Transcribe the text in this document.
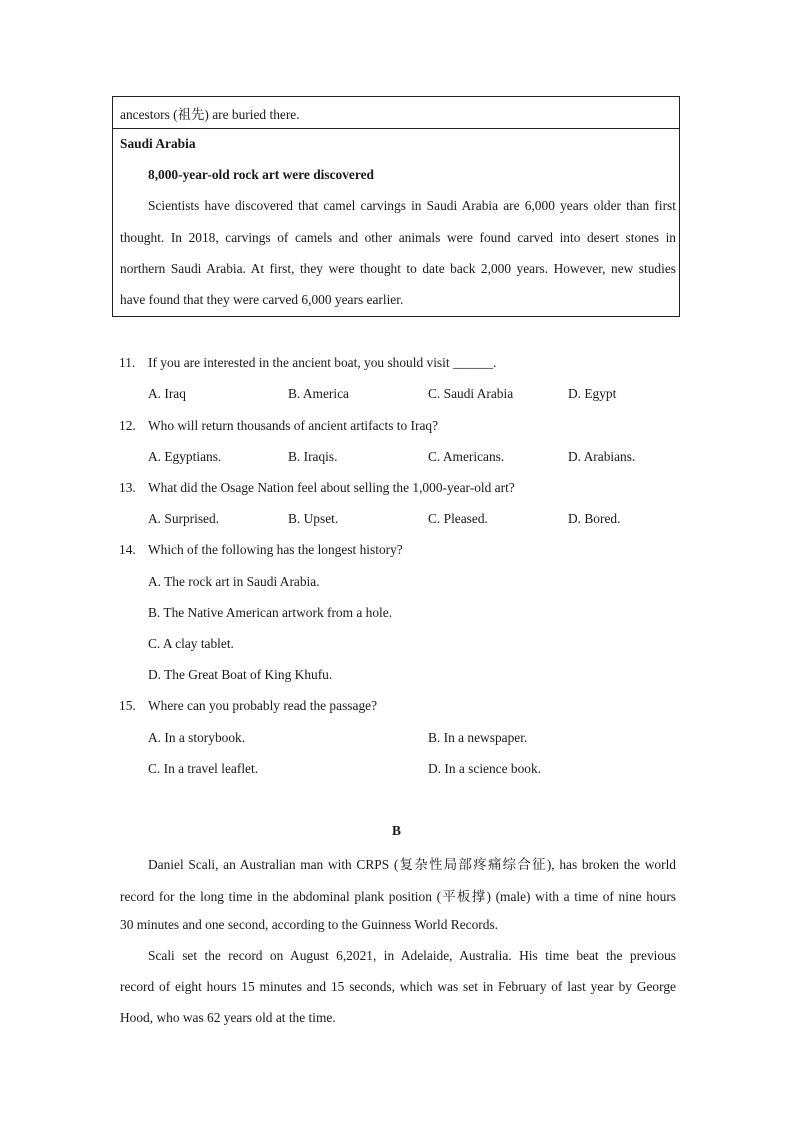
ancestors (祖先) are buried there.
Saudi Arabia
8,000-year-old rock art were discovered
Scientists have discovered that camel carvings in Saudi Arabia are 6,000 years older than first
thought. In 2018, carvings of camels and other animals were found carved into desert stones in
northern Saudi Arabia. At first, they were thought to date back 2,000 years. However, new studies
have found that they were carved 6,000 years earlier.
11. If you are interested in the ancient boat, you should visit ______.
A. Iraq	B. America	C. Saudi Arabia	D. Egypt
12. Who will return thousands of ancient artifacts to Iraq?
A. Egyptians.	B. Iraqis.	C. Americans.	D. Arabians.
13. What did the Osage Nation feel about selling the 1,000-year-old art?
A. Surprised.	B. Upset.	C. Pleased.	D. Bored.
14. Which of the following has the longest history?
A. The rock art in Saudi Arabia.
B. The Native American artwork from a hole.
C. A clay tablet.
D. The Great Boat of King Khufu.
15. Where can you probably read the passage?
A. In a storybook.	B. In a newspaper.
C. In a travel leaflet.	D. In a science book.
B
Daniel Scali, an Australian man with CRPS (复杂性局部疼痛综合征), has broken the world
record for the long time in the abdominal plank position (平板撑) (male) with a time of nine hours
30 minutes and one second, according to the Guinness World Records.
Scali set the record on August 6,2021, in Adelaide, Australia. His time beat the previous
record of eight hours 15 minutes and 15 seconds, which was set in February of last year by George
Hood, who was 62 years old at the time.
